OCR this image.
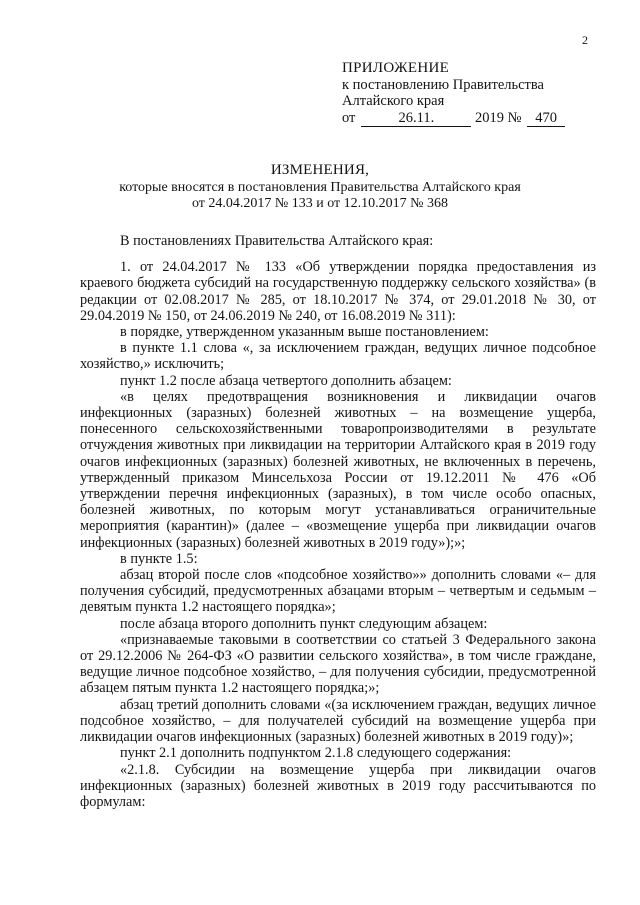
2
ПРИЛОЖЕНИЕ
к постановлению Правительства
Алтайского края
от	26.11.	2019 № 470
ИЗМЕНЕНИЯ,
которые вносятся в постановления Правительства Алтайского края
от 24.04.2017 № 133 и от 12.10.2017 № 368

В постановлениях Правительства Алтайского края:

1. от 24.04.2017 № 133 «Об утверждении порядка предоставления из краевого бюджета субсидий на государственную поддержку сельского хозяйства» (в редакции от 02.08.2017 № 285, от 18.10.2017 № 374, от 29.01.2018 № 30, от 29.04.2019 № 150, от 24.06.2019 № 240, от 16.08.2019 № 311):

в порядке, утвержденном указанным выше постановлением:

в пункте 1.1 слова «, за исключением граждан, ведущих личное подсобное хозяйство,» исключить;

пункт 1.2 после абзаца четвертого дополнить абзацем:

«в целях предотвращения возникновения и ликвидации очагов инфекционных (заразных) болезней животных – на возмещение ущерба, понесенного сельскохозяйственными товаропроизводителями в результате отчуждения животных при ликвидации на территории Алтайского края в 2019 году очагов инфекционных (заразных) болезней животных, не включенных в перечень, утвержденный приказом Минсельхоза России от 19.12.2011 № 476 «Об утверждении перечня инфекционных (заразных), в том числе особо опасных, болезней животных, по которым могут устанавливаться ограничительные мероприятия (карантин)» (далее – «возмещение ущерба при ликвидации очагов инфекционных (заразных) болезней животных в 2019 году»);»;

в пункте 1.5:

абзац второй после слов «подсобное хозяйство»» дополнить словами «– для получения субсидий, предусмотренных абзацами вторым – четвертым и седьмым – девятым пункта 1.2 настоящего порядка»;

после абзаца второго дополнить пункт следующим абзацем:

«признаваемые таковыми в соответствии со статьей 3 Федерального закона от 29.12.2006 № 264-ФЗ «О развитии сельского хозяйства», в том числе граждане, ведущие личное подсобное хозяйство, – для получения субсидии, предусмотренной абзацем пятым пункта 1.2 настоящего порядка;»;

абзац третий дополнить словами «(за исключением граждан, ведущих личное подсобное хозяйство, – для получателей субсидий на возмещение ущерба при ликвидации очагов инфекционных (заразных) болезней животных в 2019 году)»;

пункт 2.1 дополнить подпунктом 2.1.8 следующего содержания:

«2.1.8. Субсидии на возмещение ущерба при ликвидации очагов инфекционных (заразных) болезней животных в 2019 году рассчитываются по формулам:
